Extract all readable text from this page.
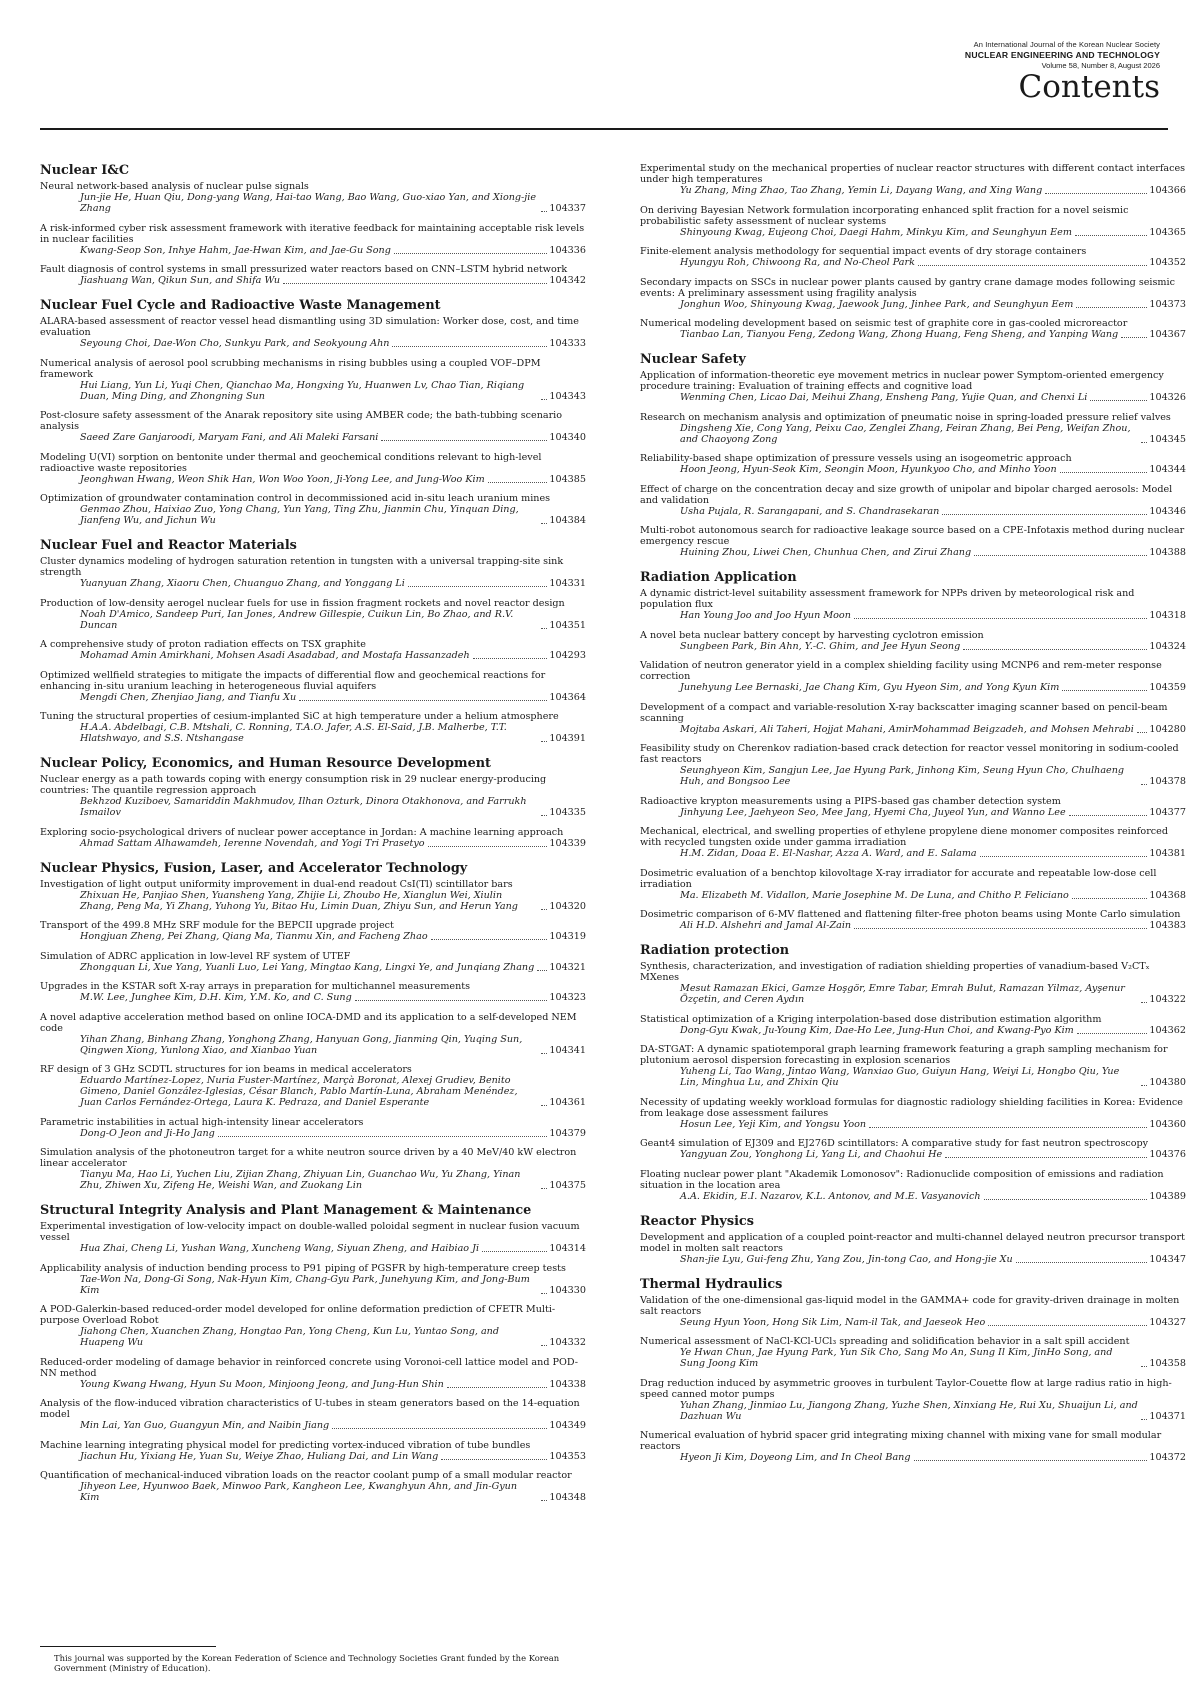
An International Journal of the Korean Nuclear Society
NUCLEAR ENGINEERING AND TECHNOLOGY
Volume 58, Number 8, August 2026
Contents
Nuclear I&C
Neural network-based analysis of nuclear pulse signals
Jun-jie He, Huan Qiu, Dong-yang Wang, Hai-tao Wang, Bao Wang, Guo-xiao Yan, and Xiong-jie Zhang	104337
A risk-informed cyber risk assessment framework with iterative feedback for maintaining acceptable risk levels in nuclear facilities
Kwang-Seop Son, Inhye Hahm, Jae-Hwan Kim, and Jae-Gu Song	104336
Fault diagnosis of control systems in small pressurized water reactors based on CNN–LSTM hybrid network
Jiashuang Wan, Qikun Sun, and Shifa Wu	104342
Nuclear Fuel Cycle and Radioactive Waste Management
ALARA-based assessment of reactor vessel head dismantling using 3D simulation: Worker dose, cost, and time evaluation
Seyoung Choi, Dae-Won Cho, Sunkyu Park, and Seokyoung Ahn	104333
Numerical analysis of aerosol pool scrubbing mechanisms in rising bubbles using a coupled VOF–DPM framework
Hui Liang, Yun Li, Yuqi Chen, Qianchao Ma, Hongxing Yu, Huanwen Lv, Chao Tian, Riqiang Duan, Ming Ding, and Zhongning Sun	104343
Post-closure safety assessment of the Anarak repository site using AMBER code; the bath-tubbing scenario analysis
Saeed Zare Ganjaroodi, Maryam Fani, and Ali Maleki Farsani	104340
Modeling U(VI) sorption on bentonite under thermal and geochemical conditions relevant to high-level radioactive waste repositories
Jeonghwan Hwang, Weon Shik Han, Won Woo Yoon, Ji-Yong Lee, and Jung-Woo Kim	104385
Optimization of groundwater contamination control in decommissioned acid in-situ leach uranium mines
Genmao Zhou, Haixiao Zuo, Yong Chang, Yun Yang, Ting Zhu, Jianmin Chu, Yinquan Ding, Jianfeng Wu, and Jichun Wu	104384
Nuclear Fuel and Reactor Materials
Cluster dynamics modeling of hydrogen saturation retention in tungsten with a universal trapping-site sink strength
Yuanyuan Zhang, Xiaoru Chen, Chuanguo Zhang, and Yonggang Li	104331
Production of low-density aerogel nuclear fuels for use in fission fragment rockets and novel reactor design
Noah D'Amico, Sandeep Puri, Ian Jones, Andrew Gillespie, Cuikun Lin, Bo Zhao, and R.V. Duncan	104351
A comprehensive study of proton radiation effects on TSX graphite
Mohamad Amin Amirkhani, Mohsen Asadi Asadabad, and Mostafa Hassanzadeh	104293
Optimized wellfield strategies to mitigate the impacts of differential flow and geochemical reactions for enhancing in-situ uranium leaching in heterogeneous fluvial aquifers
Mengdi Chen, Zhenjiao Jiang, and Tianfu Xu	104364
Tuning the structural properties of cesium-implanted SiC at high temperature under a helium atmosphere
H.A.A. Abdelbagi, C.B. Mtshali, C. Ronning, T.A.O. Jafer, A.S. El-Said, J.B. Malherbe, T.T. Hlatshwayo, and S.S. Ntshangase	104391
Nuclear Policy, Economics, and Human Resource Development
Nuclear energy as a path towards coping with energy consumption risk in 29 nuclear energy-producing countries: The quantile regression approach
Bekhzod Kuziboev, Samariddin Makhmudov, Ilhan Ozturk, Dinora Otakhonova, and Farrukh Ismailov	104335
Exploring socio-psychological drivers of nuclear power acceptance in Jordan: A machine learning approach
Ahmad Sattam Alhawamdeh, Ierenne Novendah, and Yogi Tri Prasetyo	104339
Nuclear Physics, Fusion, Laser, and Accelerator Technology
Investigation of light output uniformity improvement in dual-end readout CsI(Tl) scintillator bars
Zhixuan He, Panjiao Shen, Yuansheng Yang, Zhijie Li, Zhoubo He, Xianglun Wei, Xiulin Zhang, Peng Ma, Yi Zhang, Yuhong Yu, Bitao Hu, Limin Duan, Zhiyu Sun, and Herun Yang	104320
Transport of the 499.8 MHz SRF module for the BEPCII upgrade project
Hongjuan Zheng, Pei Zhang, Qiang Ma, Tianmu Xin, and Facheng Zhao	104319
Simulation of ADRC application in low-level RF system of UTEF
Zhongquan Li, Xue Yang, Yuanli Luo, Lei Yang, Mingtao Kang, Lingxi Ye, and Junqiang Zhang 104321
Upgrades in the KSTAR soft X-ray arrays in preparation for multichannel measurements
M.W. Lee, Junghee Kim, D.H. Kim, Y.M. Ko, and C. Sung	104323
A novel adaptive acceleration method based on online IOCA-DMD and its application to a self-developed NEM code
Yihan Zhang, Binhang Zhang, Yonghong Zhang, Hanyuan Gong, Jianming Qin, Yuqing Sun, Qingwen Xiong, Yunlong Xiao, and Xianbao Yuan	104341
RF design of 3 GHz SCDTL structures for ion beams in medical accelerators
Eduardo Martínez-Lopez, Nuria Fuster-Martínez, Marçà Boronat, Alexej Grudiev, Benito Gimeno, Daniel González-Iglesias, César Blanch, Pablo Martín-Luna, Abraham Menéndez, Juan Carlos Fernández-Ortega, Laura K. Pedraza, and Daniel Esperante	104361
Parametric instabilities in actual high-intensity linear accelerators
Dong-O Jeon and Ji-Ho Jang	104379
Simulation analysis of the photoneutron target for a white neutron source driven by a 40 MeV/40 kW electron linear accelerator
Tianyu Ma, Hao Li, Yuchen Liu, Zijian Zhang, Zhiyuan Lin, Guanchao Wu, Yu Zhang, Yinan Zhu, Zhiwen Xu, Zifeng He, Weishi Wan, and Zuokang Lin	104375
Structural Integrity Analysis and Plant Management & Maintenance
Experimental investigation of low-velocity impact on double-walled poloidal segment in nuclear fusion vacuum vessel
Hua Zhai, Cheng Li, Yushan Wang, Xuncheng Wang, Siyuan Zheng, and Haibiao Ji	104314
Applicability analysis of induction bending process to P91 piping of PGSFR by high-temperature creep tests
Tae-Won Na, Dong-Gi Song, Nak-Hyun Kim, Chang-Gyu Park, Junehyung Kim, and Jong-Bum Kim	104330
A POD-Galerkin-based reduced-order model developed for online deformation prediction of CFETR Multi-purpose Overload Robot
Jiahong Chen, Xuanchen Zhang, Hongtao Pan, Yong Cheng, Kun Lu, Yuntao Song, and Huapeng Wu	104332
Reduced-order modeling of damage behavior in reinforced concrete using Voronoi-cell lattice model and POD-NN method
Young Kwang Hwang, Hyun Su Moon, Minjoong Jeong, and Jung-Hun Shin	104338
Analysis of the flow-induced vibration characteristics of U-tubes in steam generators based on the 14-equation model
Min Lai, Yan Guo, Guangyun Min, and Naibin Jiang	104349
Machine learning integrating physical model for predicting vortex-induced vibration of tube bundles
Jiachun Hu, Yixiang He, Yuan Su, Weiye Zhao, Huliang Dai, and Lin Wang	104353
Quantification of mechanical-induced vibration loads on the reactor coolant pump of a small modular reactor
Jihyeon Lee, Hyunwoo Baek, Minwoo Park, Kangheon Lee, Kwanghyun Ahn, and Jin-Gyun Kim	104348
Experimental study on the mechanical properties of nuclear reactor structures with different contact interfaces under high temperatures
Yu Zhang, Ming Zhao, Tao Zhang, Yemin Li, Dayang Wang, and Xing Wang	104366
On deriving Bayesian Network formulation incorporating enhanced split fraction for a novel seismic probabilistic safety assessment of nuclear systems
Shinyoung Kwag, Eujeong Choi, Daegi Hahm, Minkyu Kim, and Seunghyun Eem	104365
Finite-element analysis methodology for sequential impact events of dry storage containers
Hyungyu Roh, Chiwoong Ra, and No-Cheol Park	104352
Secondary impacts on SSCs in nuclear power plants caused by gantry crane damage modes following seismic events: A preliminary assessment using fragility analysis
Jonghun Woo, Shinyoung Kwag, Jaewook Jung, Jinhee Park, and Seunghyun Eem	104373
Numerical modeling development based on seismic test of graphite core in gas-cooled microreactor
Tianbao Lan, Tianyou Feng, Zedong Wang, Zhong Huang, Feng Sheng, and Yanping Wang	104367
Nuclear Safety
Application of information-theoretic eye movement metrics in nuclear power Symptom-oriented emergency procedure training: Evaluation of training effects and cognitive load
Wenming Chen, Licao Dai, Meihui Zhang, Ensheng Pang, Yujie Quan, and Chenxi Li	104326
Research on mechanism analysis and optimization of pneumatic noise in spring-loaded pressure relief valves
Dingsheng Xie, Cong Yang, Peixu Cao, Zenglei Zhang, Feiran Zhang, Bei Peng, Weifan Zhou, and Chaoyong Zong	104345
Reliability-based shape optimization of pressure vessels using an isogeometric approach
Hoon Jeong, Hyun-Seok Kim, Seongin Moon, Hyunkyoo Cho, and Minho Yoon	104344
Effect of charge on the concentration decay and size growth of unipolar and bipolar charged aerosols: Model and validation
Usha Pujala, R. Sarangapani, and S. Chandrasekaran	104346
Multi-robot autonomous search for radioactive leakage source based on a CPE-Infotaxis method during nuclear emergency rescue
Huining Zhou, Liwei Chen, Chunhua Chen, and Zirui Zhang	104388
Radiation Application
A dynamic district-level suitability assessment framework for NPPs driven by meteorological risk and population flux
Han Young Joo and Joo Hyun Moon	104318
A novel beta nuclear battery concept by harvesting cyclotron emission
Sungbeen Park, Bin Ahn, Y.-C. Ghim, and Jee Hyun Seong	104324
Validation of neutron generator yield in a complex shielding facility using MCNP6 and rem-meter response correction
Junehyung Lee Bernaski, Jae Chang Kim, Gyu Hyeon Sim, and Yong Kyun Kim	104359
Development of a compact and variable-resolution X-ray backscatter imaging scanner based on pencil-beam scanning
Mojtaba Askari, Ali Taheri, Hojjat Mahani, AmirMohammad Beigzadeh, and Mohsen Mehrabi 104280
Feasibility study on Cherenkov radiation-based crack detection for reactor vessel monitoring in sodium-cooled fast reactors
Seunghyeon Kim, Sangjun Lee, Jae Hyung Park, Jinhong Kim, Seung Hyun Cho, Chulhaeng Huh, and Bongsoo Lee	104378
Radioactive krypton measurements using a PIPS-based gas chamber detection system
Jinhyung Lee, Jaehyeon Seo, Mee Jang, Hyemi Cha, Juyeol Yun, and Wanno Lee	104377
Mechanical, electrical, and swelling properties of ethylene propylene diene monomer composites reinforced with recycled tungsten oxide under gamma irradiation
H.M. Zidan, Doaa E. El-Nashar, Azza A. Ward, and E. Salama	104381
Dosimetric evaluation of a benchtop kilovoltage X-ray irradiator for accurate and repeatable low-dose cell irradiation
Ma. Elizabeth M. Vidallon, Marie Josephine M. De Luna, and Chitho P. Feliciano	104368
Dosimetric comparison of 6-MV flattened and flattening filter-free photon beams using Monte Carlo simulation
Ali H.D. Alshehri and Jamal Al-Zain	104383
Radiation protection
Synthesis, characterization, and investigation of radiation shielding properties of vanadium-based V₂CTₓ MXenes
Mesut Ramazan Ekici, Gamze Hoşgör, Emre Tabar, Emrah Bulut, Ramazan Yilmaz, Ayşenur Özçetin, and Ceren Aydın	104322
Statistical optimization of a Kriging interpolation-based dose distribution estimation algorithm
Dong-Gyu Kwak, Ju-Young Kim, Dae-Ho Lee, Jung-Hun Choi, and Kwang-Pyo Kim	104362
DA-STGAT: A dynamic spatiotemporal graph learning framework featuring a graph sampling mechanism for plutonium aerosol dispersion forecasting in explosion scenarios
Yuheng Li, Tao Wang, Jintao Wang, Wanxiao Guo, Guiyun Hang, Weiyi Li, Hongbo Qiu, Yue Lin, Minghua Lu, and Zhixin Qiu	104380
Necessity of updating weekly workload formulas for diagnostic radiology shielding facilities in Korea: Evidence from leakage dose assessment failures
Hosun Lee, Yeji Kim, and Yongsu Yoon	104360
Geant4 simulation of EJ309 and EJ276D scintillators: A comparative study for fast neutron spectroscopy
Yangyuan Zou, Yonghong Li, Yang Li, and Chaohui He	104376
Floating nuclear power plant "Akademik Lomonosov": Radionuclide composition of emissions and radiation situation in the location area
A.A. Ekidin, E.I. Nazarov, K.L. Antonov, and M.E. Vasyanovich	104389
Reactor Physics
Development and application of a coupled point-reactor and multi-channel delayed neutron precursor transport model in molten salt reactors
Shan-jie Lyu, Gui-feng Zhu, Yang Zou, Jin-tong Cao, and Hong-jie Xu	104347
Thermal Hydraulics
Validation of the one-dimensional gas-liquid model in the GAMMA+ code for gravity-driven drainage in molten salt reactors
Seung Hyun Yoon, Hong Sik Lim, Nam-il Tak, and Jaeseok Heo	104327
Numerical assessment of NaCl-KCl-UCl₃ spreading and solidification behavior in a salt spill accident
Ye Hwan Chun, Jae Hyung Park, Yun Sik Cho, Sang Mo An, Sung Il Kim, JinHo Song, and Sung Joong Kim	104358
Drag reduction induced by asymmetric grooves in turbulent Taylor-Couette flow at large radius ratio in high-speed canned motor pumps
Yuhan Zhang, Jinmiao Lu, Jiangong Zhang, Yuzhe Shen, Xinxiang He, Rui Xu, Shuaijun Li, and Dazhuan Wu	104371
Numerical evaluation of hybrid spacer grid integrating mixing channel with mixing vane for small modular reactors
Hyeon Ji Kim, Doyeong Lim, and In Cheol Bang	104372
This journal was supported by the Korean Federation of Science and Technology Societies Grant funded by the Korean Government (Ministry of Education).
